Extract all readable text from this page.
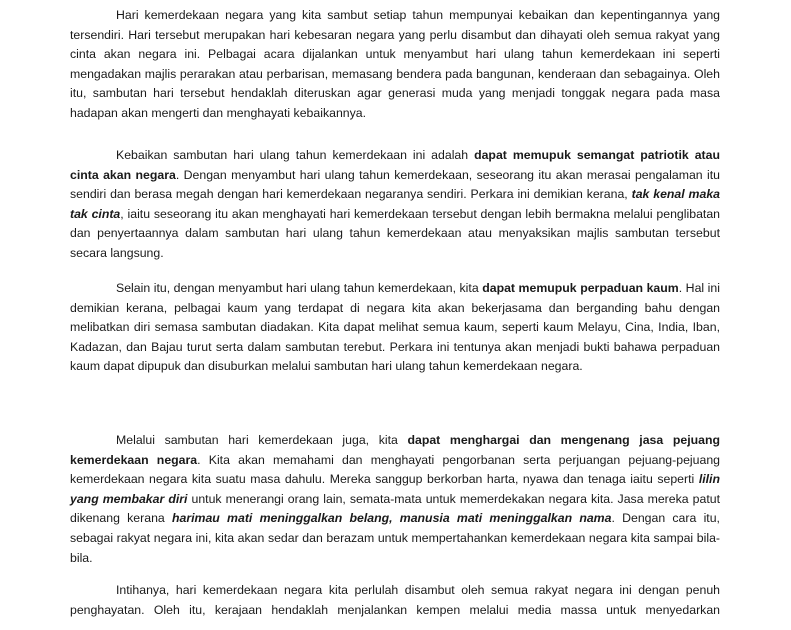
Hari kemerdekaan negara yang kita sambut setiap tahun mempunyai kebaikan dan kepentingannya yang tersendiri. Hari tersebut merupakan hari kebesaran negara yang perlu disambut dan dihayati oleh semua rakyat yang cinta akan negara ini. Pelbagai acara dijalankan untuk menyambut hari ulang tahun kemerdekaan ini seperti mengadakan majlis perarakan atau perbarisan, memasang bendera pada bangunan, kenderaan dan sebagainya. Oleh itu, sambutan hari tersebut hendaklah diteruskan agar generasi muda yang menjadi tonggak negara pada masa hadapan akan mengerti dan menghayati kebaikannya.

Kebaikan sambutan hari ulang tahun kemerdekaan ini adalah dapat memupuk semangat patriotik atau cinta akan negara. Dengan menyambut hari ulang tahun kemerdekaan, seseorang itu akan merasai pengalaman itu sendiri dan berasa megah dengan hari kemerdekaan negaranya sendiri. Perkara ini demikian kerana, tak kenal maka tak cinta, iaitu seseorang itu akan menghayati hari kemerdekaan tersebut dengan lebih bermakna melalui penglibatan dan penyertaannya dalam sambutan hari ulang tahun kemerdekaan atau menyaksikan majlis sambutan tersebut secara langsung.

Selain itu, dengan menyambut hari ulang tahun kemerdekaan, kita dapat memupuk perpaduan kaum. Hal ini demikian kerana, pelbagai kaum yang terdapat di negara kita akan bekerjasama dan berganding bahu dengan melibatkan diri semasa sambutan diadakan. Kita dapat melihat semua kaum, seperti kaum Melayu, Cina, India, Iban, Kadazan, dan Bajau turut serta dalam sambutan terebut. Perkara ini tentunya akan menjadi bukti bahawa perpaduan kaum dapat dipupuk dan disuburkan melalui sambutan hari ulang tahun kemerdekaan negara.

Melalui sambutan hari kemerdekaan juga, kita dapat menghargai dan mengenang jasa pejuang kemerdekaan negara. Kita akan memahami dan menghayati pengorbanan serta perjuangan pejuang-pejuang kemerdekaan negara kita suatu masa dahulu. Mereka sanggup berkorban harta, nyawa dan tenaga iaitu seperti lilin yang membakar diri untuk menerangi orang lain, semata-mata untuk memerdekakan negara kita. Jasa mereka patut dikenang kerana harimau mati meninggalkan belang, manusia mati meninggalkan nama. Dengan cara itu, sebagai rakyat negara ini, kita akan sedar dan berazam untuk mempertahankan kemerdekaan negara kita sampai bila-bila.

Intihanya, hari kemerdekaan negara kita perlulah disambut oleh semua rakyat negara ini dengan penuh penghayatan. Oleh itu, kerajaan hendaklah menjalankan kempen melalui media massa untuk menyedarkan
